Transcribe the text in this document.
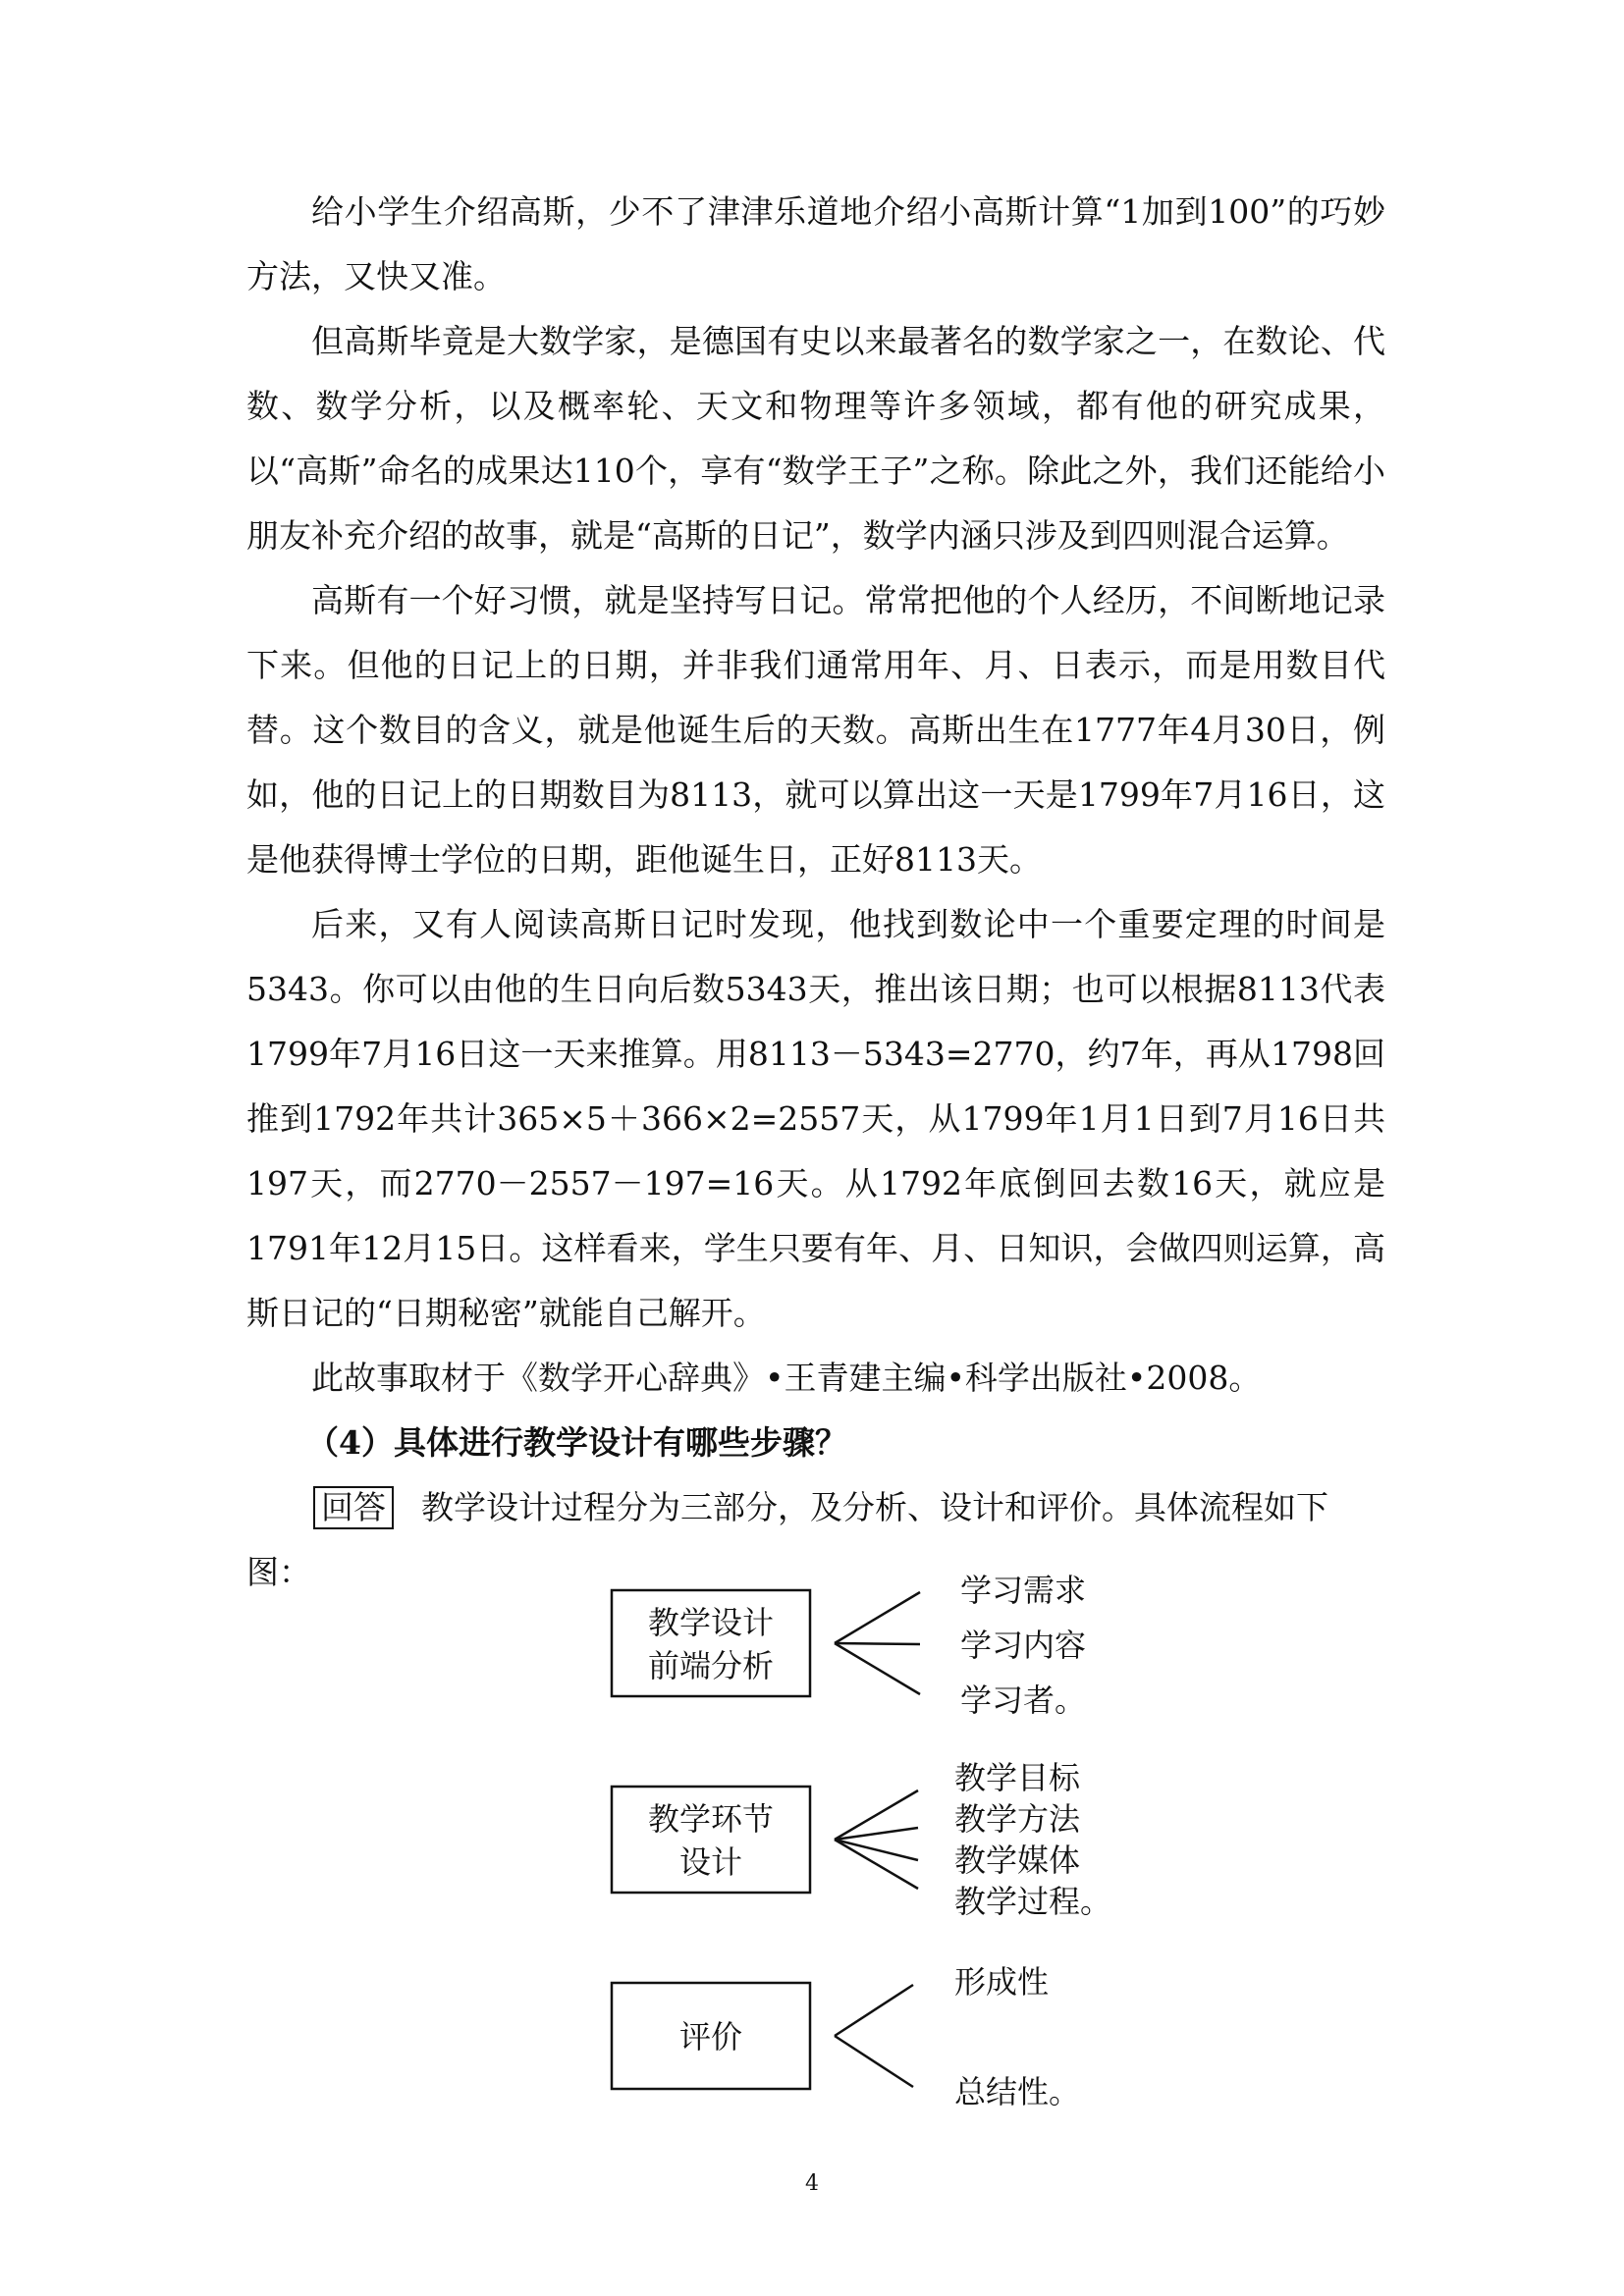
给小学生介绍高斯，少不了津津乐道地介绍小高斯计算“1加到100”的巧妙方法，又快又准。

但高斯毕竟是大数学家，是德国有史以来最著名的数学家之一，在数论、代数、数学分析，以及概率轮、天文和物理等许多领域，都有他的研究成果，以“高斯”命名的成果达110个，享有“数学王子”之称。除此之外，我们还能给小朋友补充介绍的故事，就是“高斯的日记”，数学内涵只涉及到四则混合运算。

高斯有一个好习惯，就是坚持写日记。常常把他的个人经历，不间断地记录下来。但他的日记上的日期，并非我们通常用年、月、日表示，而是用数目代替。这个数目的含义，就是他诞生后的天数。高斯出生在1777年4月30日，例如，他的日记上的日期数目为8113，就可以算出这一天是1799年7月16日，这是他获得博士学位的日期，距他诞生日，正好8113天。

后来，又有人阅读高斯日记时发现，他找到数论中一个重要定理的时间是5343。你可以由他的生日向后数5343天，推出该日期；也可以根据8113代表1799年7月16日这一天来推算。用8113－5343=2770，约7年，再从1798回推到1792年共计365×5＋366×2=2557天，从1799年1月1日到7月16日共197天，而2770－2557－197=16天。从1792年底倒回去数16天，就应是1791年12月15日。这样看来，学生只要有年、月、日知识，会做四则运算，高斯日记的“日期秘密”就能自己解开。

此故事取材于《数学开心辞典》•王青建主编•科学出版社•2008。

（4）具体进行教学设计有哪些步骤？

回答 教学设计过程分为三部分，及分析、设计和评价。具体流程如下图：

教学设计
前端分析
学习需求
学习内容
学习者。
教学环节
设计
教学目标
教学方法
教学媒体
教学过程。
评价
形成性
总结性。
4
